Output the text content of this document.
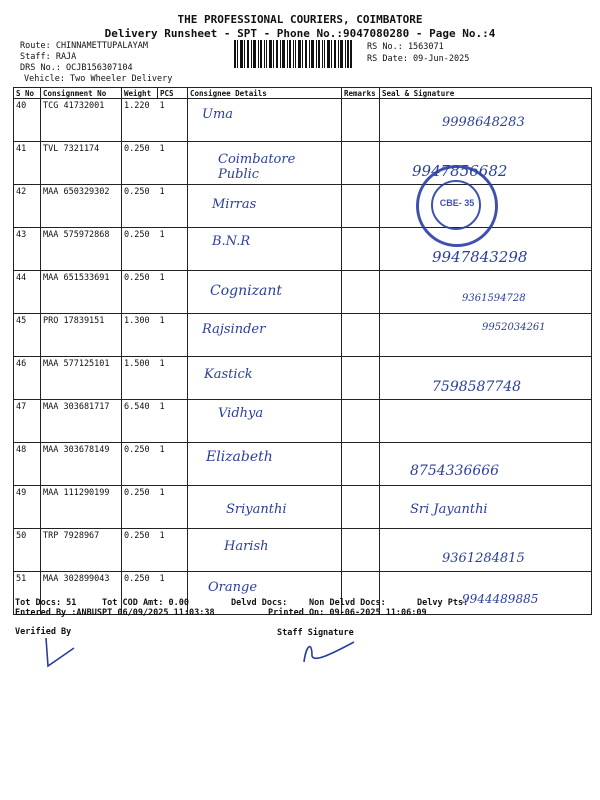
THE PROFESSIONAL COURIERS, COIMBATORE
Delivery Runsheet - SPT - Phone No.:9047080280 - Page No.:4
Route: CHINNAMETTUPALAYAM
Staff: RAJA
DRS No.: OCJB156307104
Vehicle: Two Wheeler Delivery
RS No.: 1563071
RS Date: 09-Jun-2025
S No	Consignment No	Weight	PCS	Consignee Details	Remarks	Seal & Signature
40	TCG 41732001	1.220	1	Uma		9998648283
41	TVL 7321174	0.250	1	Coimbatore Public		9947856682
42	MAA 650329302	0.250	1	Mirras		
43	MAA 575972868	0.250	1	B.N.R		9947843298
44	MAA 651533691	0.250	1	Cognizant		9361594728
45	PRO 17839151	1.300	1	Rajsinder		9952034261
46	MAA 577125101	1.500	1	Kastick		7598587748
47	MAA 303681717	6.540	1	Vidhya		
48	MAA 303678149	0.250	1	Elizabeth		8754336666
49	MAA 111290199	0.250	1	Sriyanthi		Sri Jayanthi
50	TRP 7928967	0.250	1	Harish		9361284815
51	MAA 302899043	0.250	1	Orange		9944489885
CBE- 35
Tot Docs: 51	Tot COD Amt: 0.00	Delvd Docs:	Non Delvd Docs:	Delvy Pts:
Entered By :ANBUSPT 06/09/2025 11:03:38	Printed On: 09-06-2025 11:06:09
Verified By	Staff Signature
